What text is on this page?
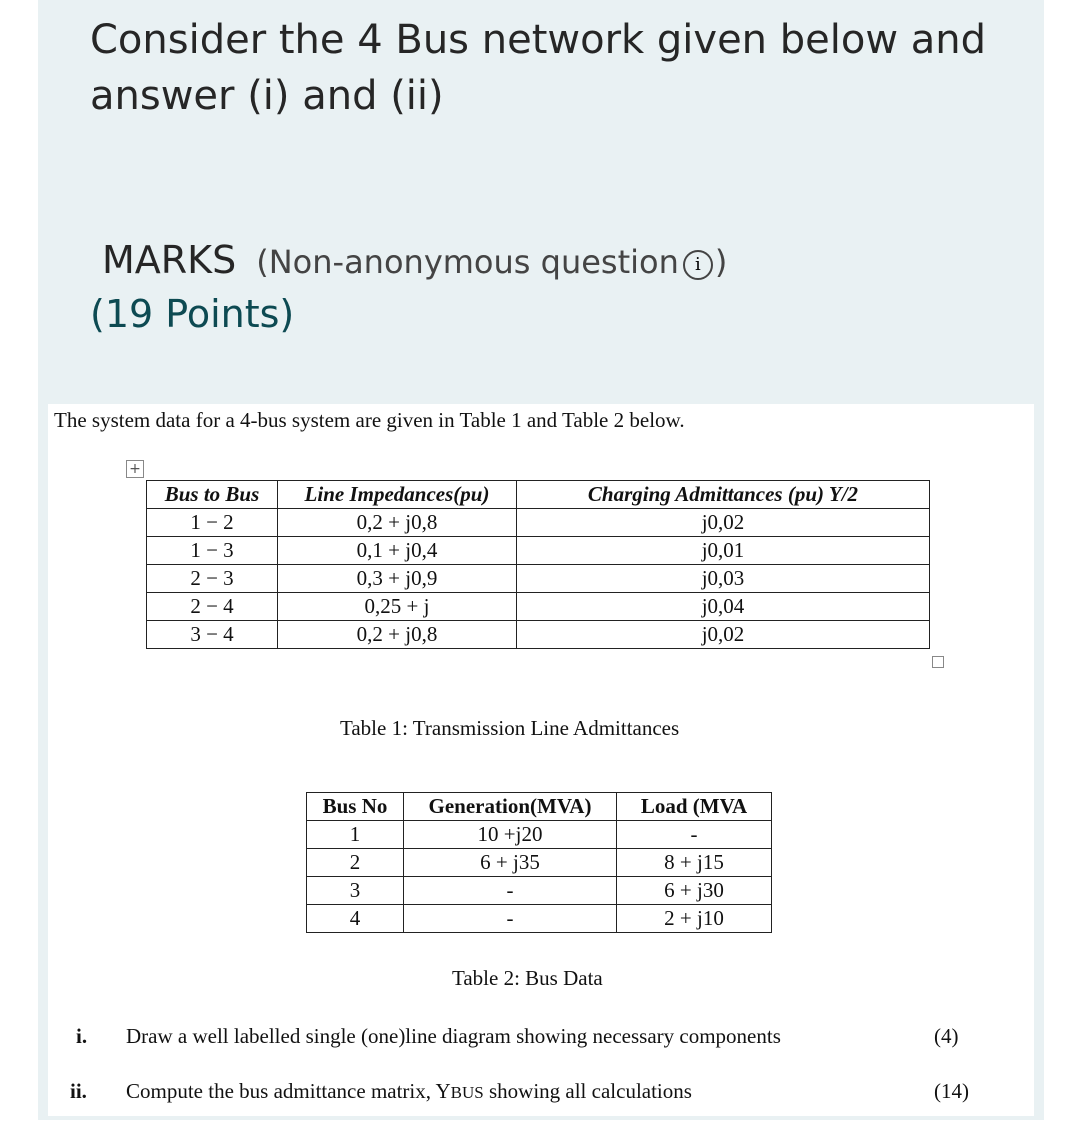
Consider the 4 Bus network given below and answer (i) and (ii)
MARKS (Non-anonymous question i )
(19 Points)
The system data for a 4-bus system are given in Table 1 and Table 2 below.
+
Bus to Bus	Line Impedances(pu)	Charging Admittances (pu) Y/2
1 − 2	0,2 + j0,8	j0,02
1 − 3	0,1 + j0,4	j0,01
2 − 3	0,3 + j0,9	j0,03
2 − 4	0,25 + j	j0,04
3 − 4	0,2 + j0,8	j0,02
Table 1: Transmission Line Admittances
Bus No	Generation(MVA)	Load (MVA
1	10 +j20	-
2	6 + j35	8 + j15
3	-	6 + j30
4	-	2 + j10
Table 2: Bus Data
i. Draw a well labelled single (one)line diagram showing necessary components	(4)
ii. Compute the bus admittance matrix, YBUS showing all calculations	(14)
